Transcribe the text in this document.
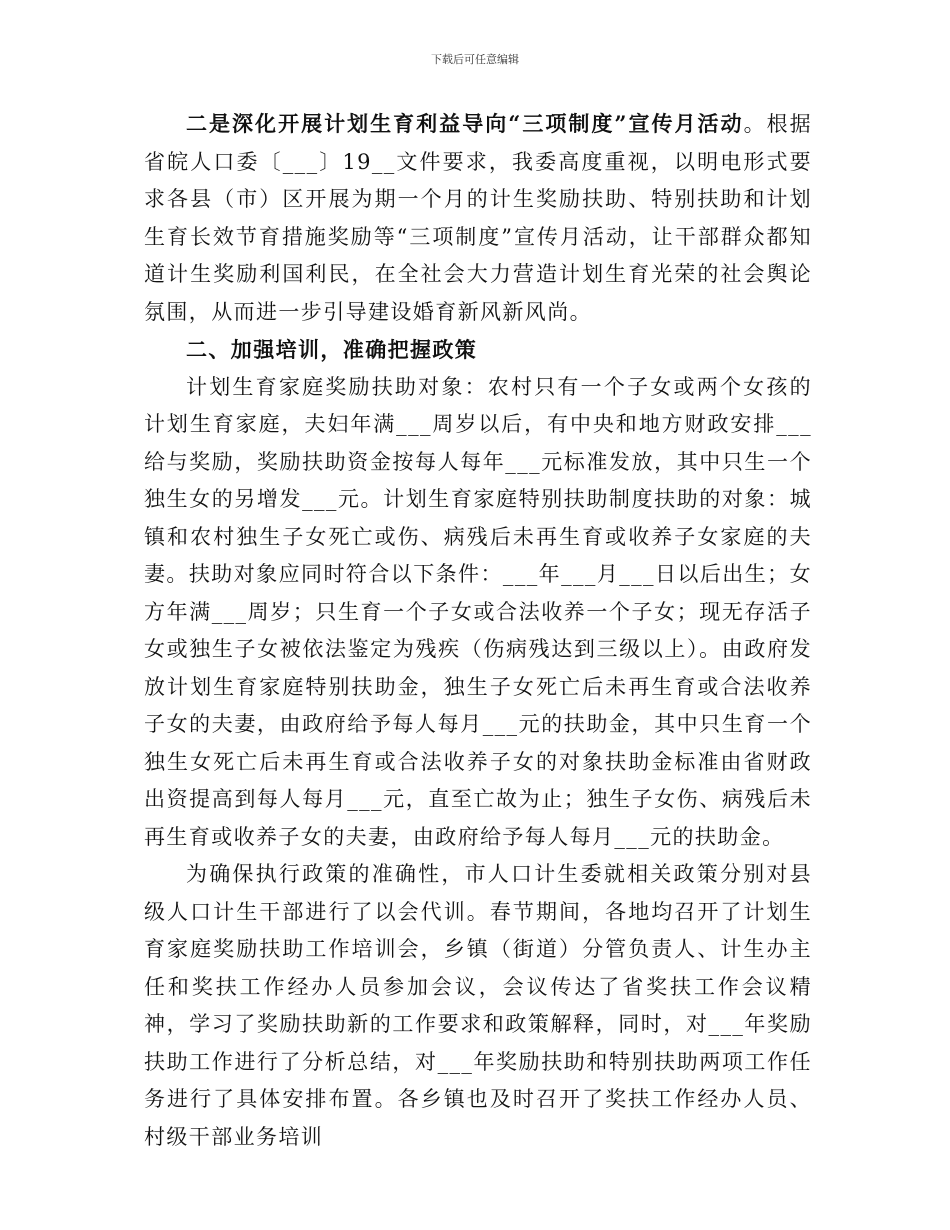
下载后可任意编辑

二是深化开展计划生育利益导向“三项制度”宣传月活动。根据省皖人口委〔___〕19__文件要求，我委高度重视，以明电形式要求各县（市）区开展为期一个月的计生奖励扶助、特别扶助和计划生育长效节育措施奖励等“三项制度”宣传月活动，让干部群众都知道计生奖励利国利民，在全社会大力营造计划生育光荣的社会舆论氛围，从而进一步引导建设婚育新风新风尚。

二、加强培训，准确把握政策

计划生育家庭奖励扶助对象：农村只有一个子女或两个女孩的计划生育家庭，夫妇年满___周岁以后，有中央和地方财政安排___给与奖励，奖励扶助资金按每人每年___元标准发放，其中只生一个独生女的另增发___元。计划生育家庭特别扶助制度扶助的对象：城镇和农村独生子女死亡或伤、病残后未再生育或收养子女家庭的夫妻。扶助对象应同时符合以下条件：___年___月___日以后出生；女方年满___周岁；只生育一个子女或合法收养一个子女；现无存活子女或独生子女被依法鉴定为残疾（伤病残达到三级以上）。由政府发放计划生育家庭特别扶助金，独生子女死亡后未再生育或合法收养子女的夫妻，由政府给予每人每月___元的扶助金，其中只生育一个独生女死亡后未再生育或合法收养子女的对象扶助金标准由省财政出资提高到每人每月___元，直至亡故为止；独生子女伤、病残后未再生育或收养子女的夫妻，由政府给予每人每月___元的扶助金。

为确保执行政策的准确性，市人口计生委就相关政策分别对县级人口计生干部进行了以会代训。春节期间，各地均召开了计划生育家庭奖励扶助工作培训会，乡镇（街道）分管负责人、计生办主任和奖扶工作经办人员参加会议，会议传达了省奖扶工作会议精神，学习了奖励扶助新的工作要求和政策解释，同时，对___年奖励扶助工作进行了分析总结，对___年奖励扶助和特别扶助两项工作任务进行了具体安排布置。各乡镇也及时召开了奖扶工作经办人员、村级干部业务培训
